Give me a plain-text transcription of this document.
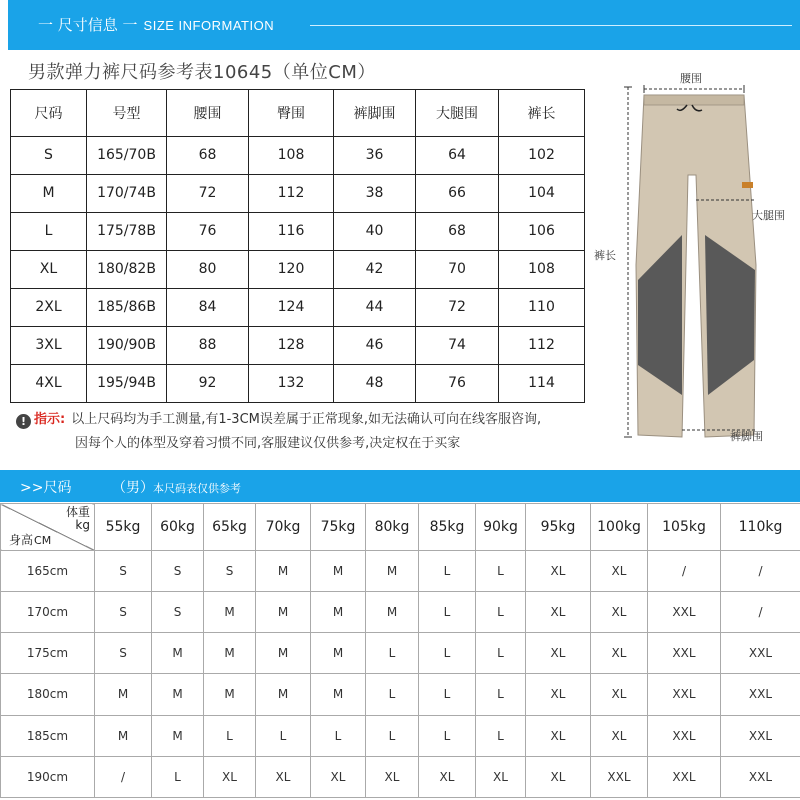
一 尺寸信息 一 SIZE INFORMATION
男款弹力裤尺码参考表10645（单位CM）
尺码	号型	腰围	臀围	裤脚围	大腿围	裤长
S	165/70B	68	108	36	64	102
M	170/74B	72	112	38	66	104
L	175/78B	76	116	40	68	106
XL	180/82B	80	120	42	70	108
2XL	185/86B	84	124	44	72	110
3XL	190/90B	88	128	46	74	112
4XL	195/94B	92	132	48	76	114
! 指示: 以上尺码均为手工测量,有1-3CM误差属于正常现象,如无法确认可向在线客服咨询,
因每个人的体型及穿着习惯不同,客服建议仅供参考,决定权在于买家
腰围
大腿围
裤长
裤脚围
>>尺码	（男） 本尺码表仅供参考
体重
kg
身高CM	55kg	60kg	65kg	70kg	75kg	80kg	85kg	90kg	95kg	100kg	105kg	110kg
165cm	S	S	S	M	M	M	L	L	XL	XL	/	/
170cm	S	S	M	M	M	M	L	L	XL	XL	XXL	/
175cm	S	M	M	M	M	L	L	L	XL	XL	XXL	XXL
180cm	M	M	M	M	M	L	L	L	XL	XL	XXL	XXL
185cm	M	M	L	L	L	L	L	L	XL	XL	XXL	XXL
190cm	/	L	XL	XL	XL	XL	XL	XL	XL	XXL	XXL	XXL
